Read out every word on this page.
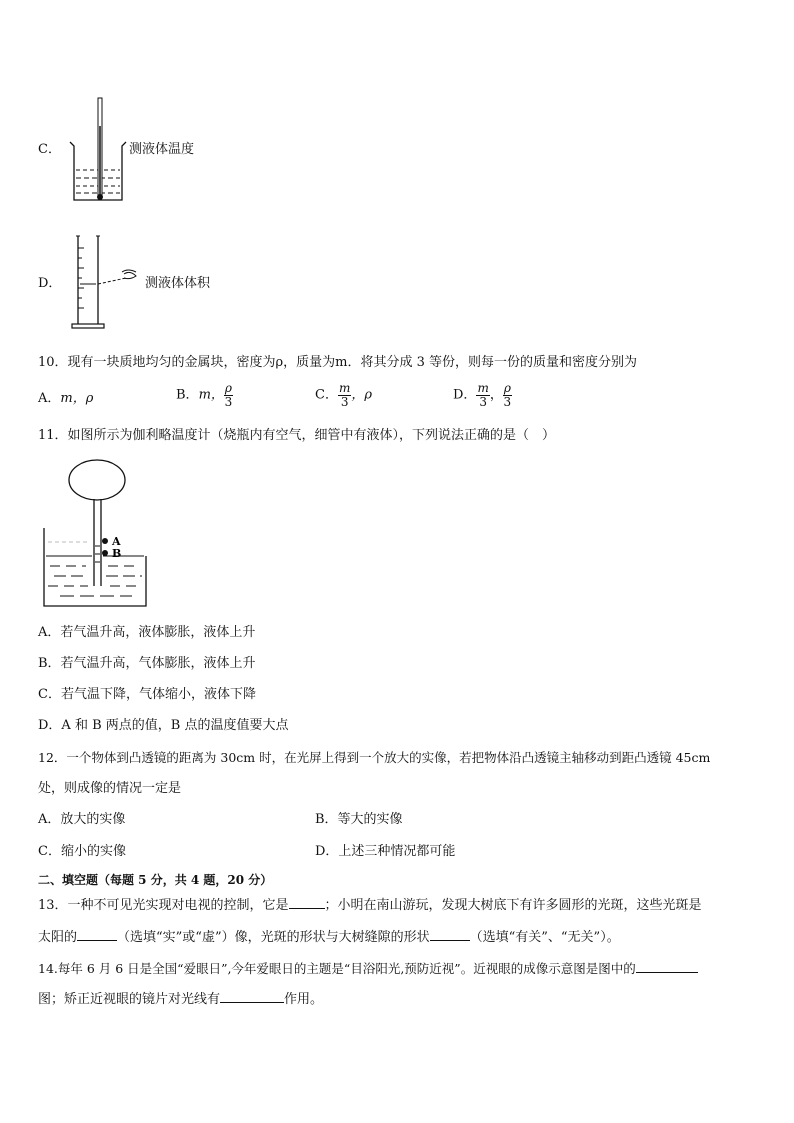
C．	测液体温度
D．	测液体体积
10．现有一块质地均匀的金属块，密度为ρ，质量为m．将其分成 3 等份，则每一份的质量和密度分别为
A．m，ρ	B．m， $\frac{\rho}{3}$	C． $\frac{m}{3}$ ，ρ	D． $\frac{m}{3}$ ， $\frac{\rho}{3}$
11．如图所示为伽利略温度计（烧瓶内有空气，细管中有液体），下列说法正确的是（　）
A
B
A．若气温升高，液体膨胀，液体上升
B．若气温升高，气体膨胀，液体上升
C．若气温下降，气体缩小，液体下降
D．A 和 B 两点的值，B 点的温度值要大点
12．一个物体到凸透镜的距离为 30cm 时，在光屏上得到一个放大的实像，若把物体沿凸透镜主轴移动到距凸透镜 45cm
处，则成像的情况一定是
A．放大的实像	B．等大的实像
C．缩小的实像	D．上述三种情况都可能
二、填空题（每题 5 分，共 4 题，20 分）
13．一种不可见光实现对电视的控制，它是	；小明在南山游玩，发现大树底下有许多圆形的光斑，这些光斑是
太阳的	（选填“实”或“虚”）像，光斑的形状与大树缝隙的形状	（选填“有关”、“无关”）。
14.每年 6 月 6 日是全国“爱眼日”,今年爱眼日的主题是“目浴阳光,预防近视”。近视眼的成像示意图是图中的
图；矫正近视眼的镜片对光线有	作用。
